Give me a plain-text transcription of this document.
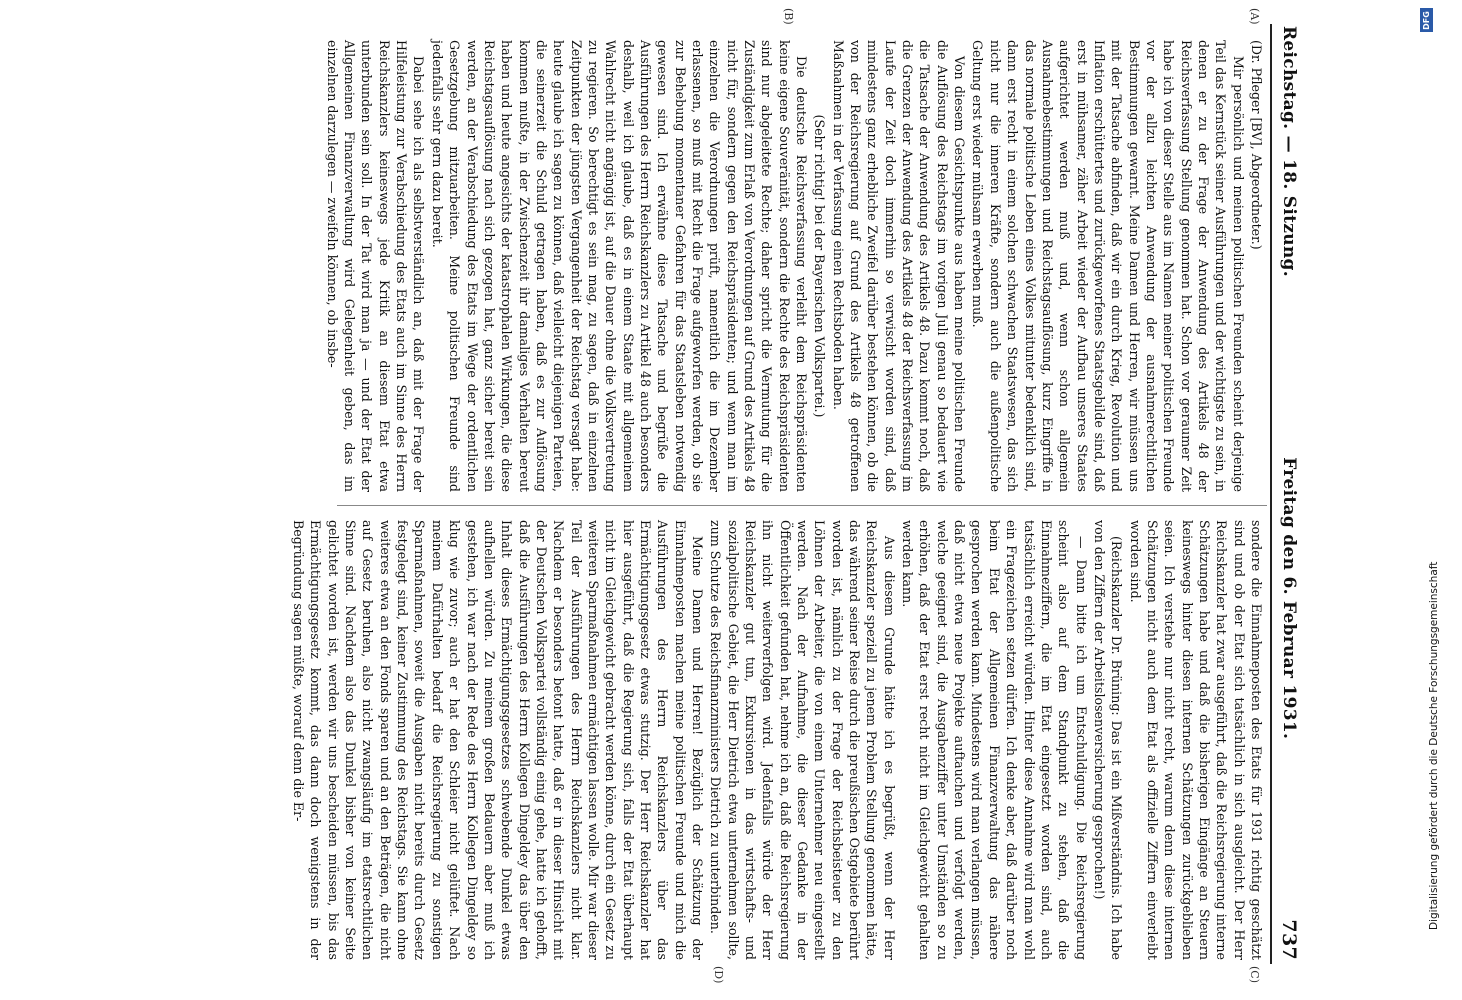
Reichstag. — 18. Sitzung.
Freitag den 6. Februar 1931.
737
(A)
(B)
(C)
(D)

(Dr. Pfleger [BV], Abgeordneter.)

Mir persönlich und meinen politischen Freunden scheint derjenige Teil das Kernstück seiner Ausführungen und der wichtigste zu sein, in denen er zu der Frage der Anwendung des Artikels 48 der Reichsverfassung Stellung genommen hat. Schon vor geraumer Zeit habe ich von dieser Stelle aus im Namen meiner politischen Freunde vor der allzu leichten Anwendung der ausnahmerechtlichen Bestimmungen gewarnt. Meine Damen und Herren, wir müssen uns mit der Tatsache abfinden, daß wir ein durch Krieg, Revolution und Inflation erschüttertes und zurückgeworfenes Staatsgebilde sind, daß erst in mühsamer, zäher Arbeit wieder der Aufbau unseres Staates aufgerichtet werden muß und, wenn schon allgemein Ausnahmebestimmungen und Reichstagsauflösung, kurz Eingriffe in das normale politische Leben eines Volkes mitunter bedenklich sind, dann erst recht in einem solchen schwachen Staatswesen, das sich nicht nur die inneren Kräfte, sondern auch die außenpolitische Geltung erst wieder mühsam erwerben muß.

Von diesem Gesichtspunkte aus haben meine politischen Freunde die Auflösung des Reichstags im vorigen Juli genau so bedauert wie die Tatsache der Anwendung des Artikels 48. Dazu kommt noch, daß die Grenzen der Anwendung des Artikels 48 der Reichsverfassung im Laufe der Zeit doch immerhin so verwischt worden sind, daß mindestens ganz erhebliche Zweifel darüber bestehen können, ob die von der Reichsregierung auf Grund des Artikels 48 getroffenen Maßnahmen in der Verfassung einen Rechtsboden haben.

(Sehr richtig! bei der Bayerischen Volkspartei.)

Die deutsche Reichsverfassung verleiht dem Reichspräsidenten keine eigene Souveränität, sondern die Rechte des Reichspräsidenten sind nur abgeleitete Rechte; daher spricht die Vermutung für die Zuständigkeit zum Erlaß von Verordnungen auf Grund des Artikels 48 nicht für, sondern gegen den Reichspräsidenten; und wenn man im einzelnen die Verordnungen prüft, namentlich die im Dezember erlassenen, so muß mit Recht die Frage aufgeworfen werden, ob sie zur Behebung momentaner Gefahren für das Staatsleben notwendig gewesen sind. Ich erwähne diese Tatsache und begrüße die Ausführungen des Herrn Reichskanzlers zu Artikel 48 auch besonders deshalb, weil ich glaube, daß es in einem Staate mit allgemeinem Wahlrecht nicht angängig ist, auf die Dauer ohne die Volksvertretung zu regieren. So berechtigt es sein mag, zu sagen, daß in einzelnen Zeitpunkten der jüngsten Vergangenheit der Reichstag versagt habe: heute glaube ich sagen zu können, daß vielleicht diejenigen Parteien, die seinerzeit die Schuld getragen haben, daß es zur Auflösung kommen mußte, in der Zwischenzeit ihr damaliges Verhalten bereut haben und heute angesichts der katastrophalen Wirkungen, die diese Reichstagsauflösung nach sich gezogen hat, ganz sicher bereit sein werden, an der Verabschiedung des Etats im Wege der ordentlichen Gesetzgebung mitzuarbeiten. Meine politischen Freunde sind jedenfalls sehr gern dazu bereit.

Dabei sehe ich als selbstverständlich an, daß mit der Frage der Hilfeleistung zur Verabschiedung des Etats auch im Sinne des Herrn Reichskanzlers keineswegs jede Kritik an diesem Etat etwa unterbunden sein soll. In der Tat wird man ja — und der Etat der Allgemeinen Finanzverwaltung wird Gelegenheit geben, das im einzelnen darzulegen — zweifeln können, ob insbe-

sondere die Einnahmeposten des Etats für 1931 richtig geschätzt sind und ob der Etat sich tatsächlich in sich ausgleicht. Der Herr Reichskanzler hat zwar ausgeführt, daß die Reichsregierung interne Schätzungen habe und daß die bisherigen Eingänge an Steuern keineswegs hinter diesen internen Schätzungen zurückgeblieben seien. Ich verstehe nur nicht recht, warum denn diese internen Schätzungen nicht auch dem Etat als offizielle Ziffern einverleibt worden sind.

(Reichskanzler Dr. Brüning: Das ist ein Mißverständnis. Ich habe von den Ziffern der Arbeitslosenversicherung gesprochen!)

— Dann bitte ich um Entschuldigung. Die Reichsregierung scheint also auf dem Standpunkt zu stehen, daß die Einnahmeziffern, die im Etat eingesetzt worden sind, auch tatsächlich erreicht würden. Hinter diese Annahme wird man wohl ein Fragezeichen setzen dürfen. Ich denke aber, daß darüber noch beim Etat der Allgemeinen Finanzverwaltung das nähere gesprochen werden kann. Mindestens wird man verlangen müssen, daß nicht etwa neue Projekte auftauchen und verfolgt werden, welche geeignet sind, die Ausgabenziffer unter Umständen so zu erhöhen, daß der Etat erst recht nicht im Gleichgewicht gehalten werden kann.

Aus diesem Grunde hätte ich es begrüßt, wenn der Herr Reichskanzler speziell zu jenem Problem Stellung genommen hätte, das während seiner Reise durch die preußischen Ostgebiete berührt worden ist, nämlich zu der Frage der Reichsbeisteuer zu den Löhnen der Arbeiter, die von einem Unternehmer neu eingestellt werden. Nach der Aufnahme, die dieser Gedanke in der Öffentlichkeit gefunden hat, nehme ich an, daß die Reichsregierung ihn nicht weiterverfolgen wird. Jedenfalls würde der Herr Reichskanzler gut tun, Exkursionen in das wirtschafts- und sozialpolitische Gebiet, die Herr Dietrich etwa unternehmen sollte, zum Schutze des Reichsfinanzministers Dietrich zu unterbinden.

Meine Damen und Herren! Bezüglich der Schätzung der Einnahmeposten machen meine politischen Freunde und mich die Ausführungen des Herrn Reichskanzlers über das Ermächtigungsgesetz etwas stutzig. Der Herr Reichskanzler hat hier ausgeführt, daß die Regierung sich, falls der Etat überhaupt nicht im Gleichgewicht gebracht werden könne, durch ein Gesetz zu weiteren Sparmaßnahmen ermächtigen lassen wolle. Mir war dieser Teil der Ausführungen des Herrn Reichskanzlers nicht klar. Nachdem er besonders betont hatte, daß er in dieser Hinsicht mit der Deutschen Volkspartei vollständig einig gehe, hatte ich gehofft, daß die Ausführungen des Herrn Kollegen Dingeldey das über den Inhalt dieses Ermächtigungsgesetzes schwebende Dunkel etwas aufhellen würden. Zu meinem großen Bedauern aber muß ich gestehen, ich war nach der Rede des Herrn Kollegen Dingeldey so klug wie zuvor; auch er hat den Schleier nicht gelüftet. Nach meinem Dafürhalten bedarf die Reichsregierung zu sonstigen Sparmaßnahmen, soweit die Ausgaben nicht bereits durch Gesetz festgelegt sind, keiner Zustimmung des Reichstags. Sie kann ohne weiteres etwa an den Fonds sparen und an den Beträgen, die nicht auf Gesetz beruhen, also nicht zwangsläufig im etatsrechtlichen Sinne sind. Nachdem also das Dunkel bisher von keiner Seite gelichtet worden ist, werden wir uns bescheiden müssen, bis das Ermächtigungsgesetz kommt, das dann doch wenigstens in der Begründung sagen müßte, worauf denn die Er-	Digitalisierung gefördert durch die Deutsche Forschungsgemeinschaft
DFG
